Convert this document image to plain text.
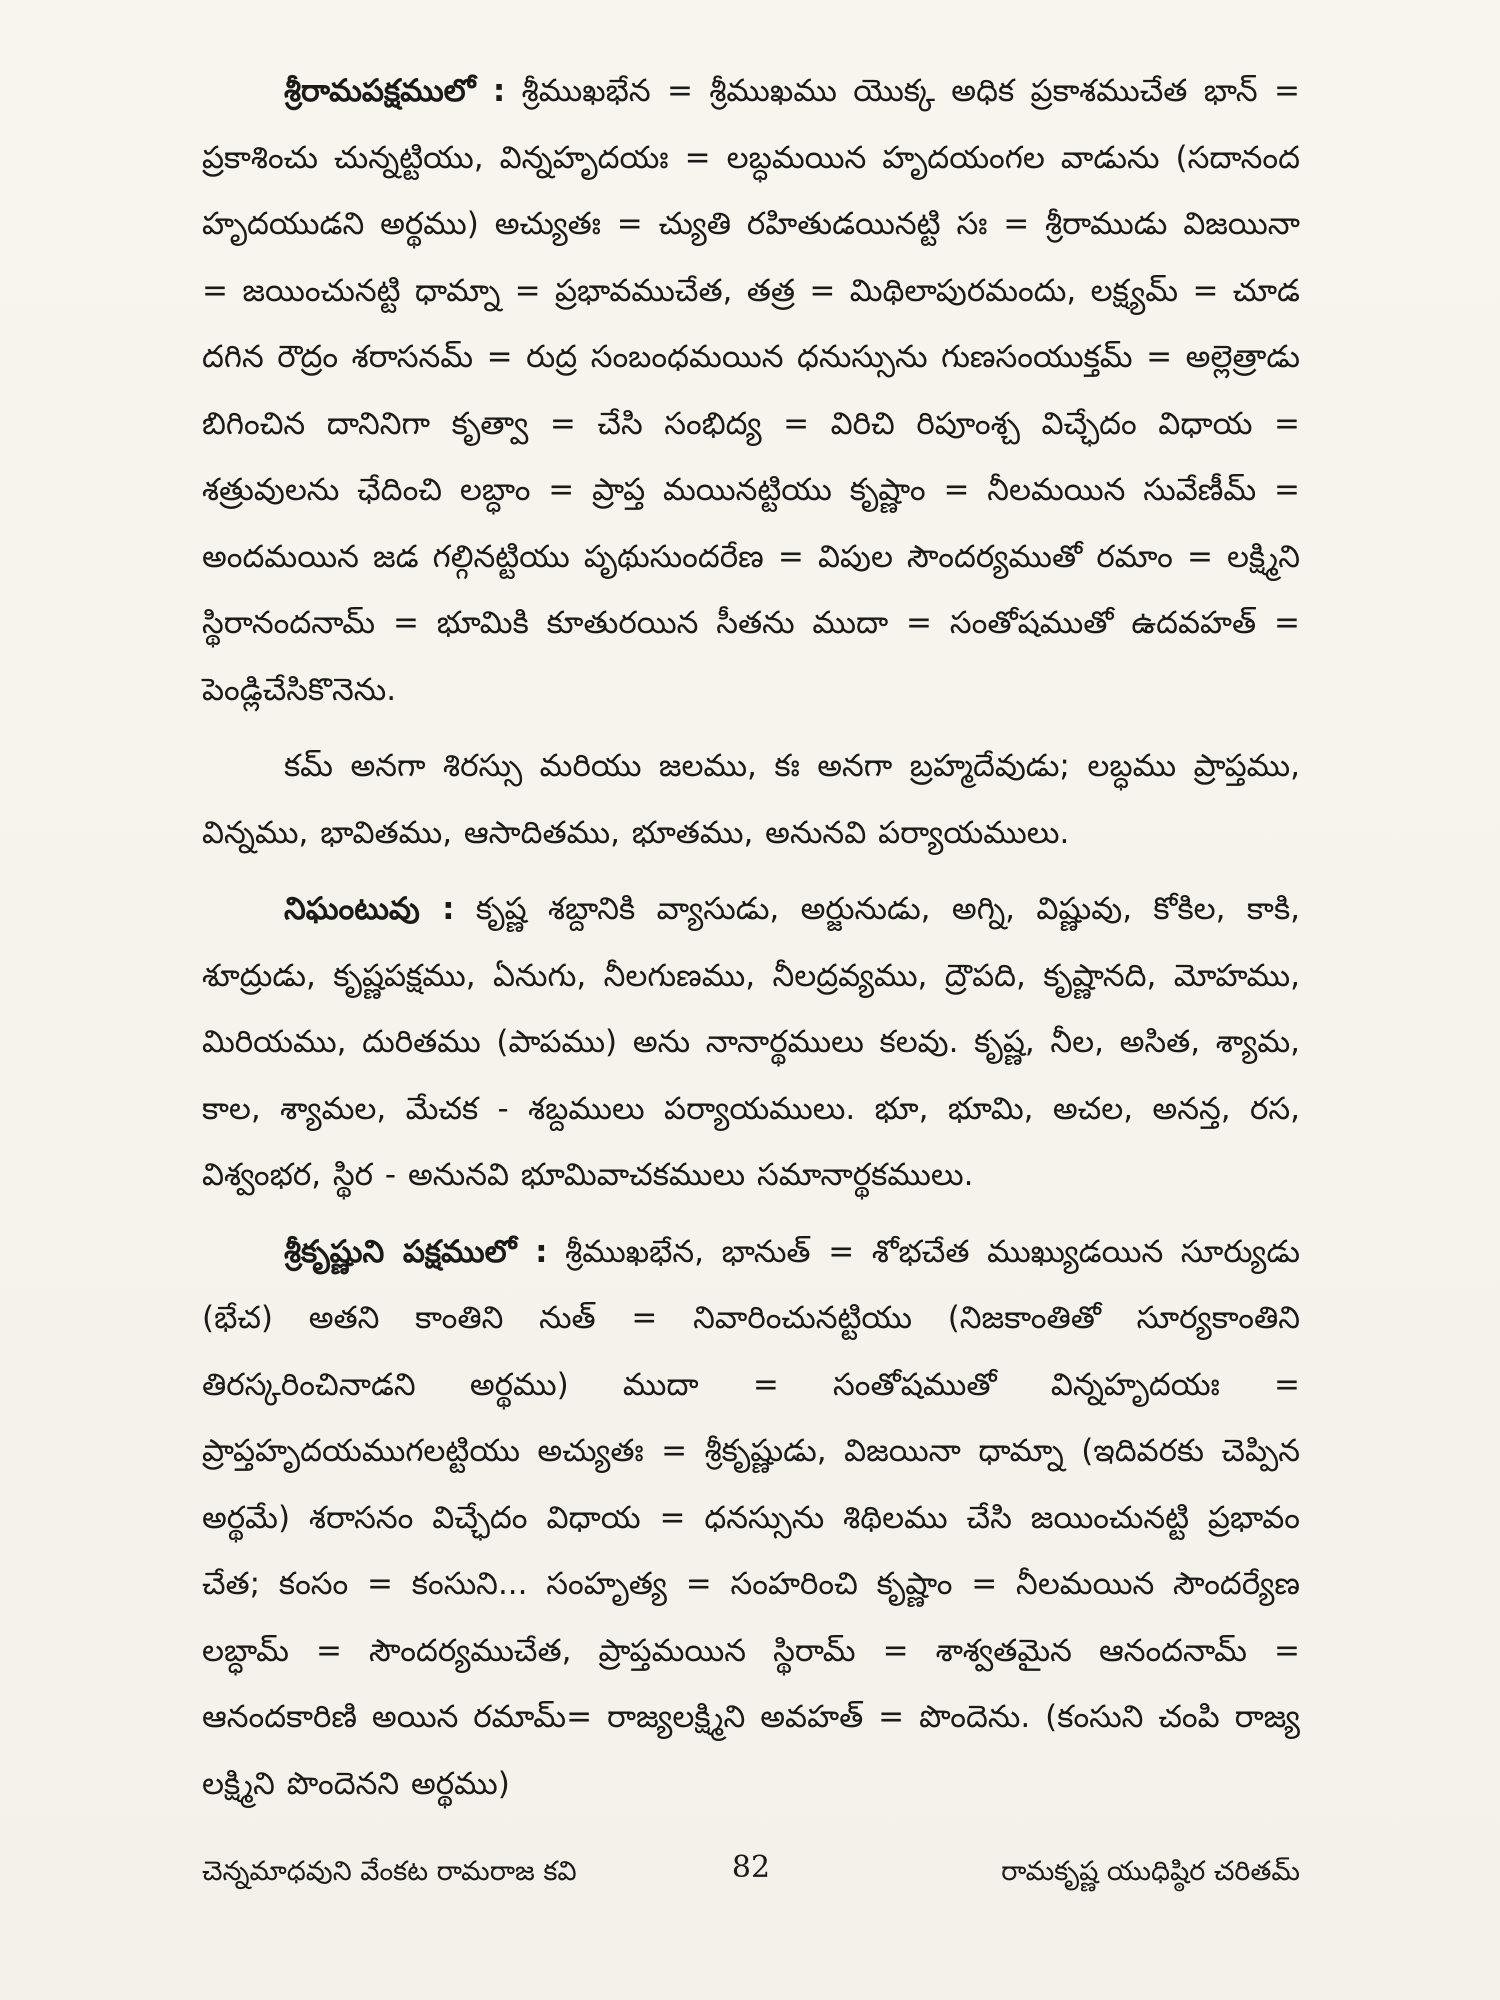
శ్రీరామపక్షములో : శ్రీముఖభేన = శ్రీముఖము యొక్క అధిక ప్రకాశముచేత భాన్ = ప్రకాశించు చున్నట్టియు, విన్నహృదయః = లబ్ధమయిన హృదయంగల వాడును (సదానంద హృదయుడని అర్థము) అచ్యుతః = చ్యుతి రహితుడయినట్టి సః = శ్రీరాముడు విజయినా = జయించునట్టి ధామ్నా = ప్రభావముచేత, తత్ర = మిథిలాపురమందు, లక్ష్యమ్ = చూడ దగిన రౌద్రం శరాసనమ్ = రుద్ర సంబంధమయిన ధనుస్సును గుణసంయుక్తమ్ = అల్లెత్రాడు బిగించిన దానినిగా కృత్వా = చేసి సంభిద్య = విరిచి రిపూంశ్చ విచ్ఛేదం విధాయ = శత్రువులను ఛేదించి లబ్ధాం = ప్రాప్త మయినట్టియు కృష్ణాం = నీలమయిన సువేణీమ్ = అందమయిన జడ గల్గినట్టియు పృథుసుందరేణ = విపుల సౌందర్యముతో రమాం = లక్ష్మిని స్థిరానందనామ్ = భూమికి కూతురయిన సీతను ముదా = సంతోషముతో ఉదవహత్ = పెండ్లిచేసికొనెను.

కమ్ అనగా శిరస్సు మరియు జలము, కః అనగా బ్రహ్మదేవుడు; లబ్ధము ప్రాప్తము, విన్నము, భావితము, ఆసాదితము, భూతము, అనునవి పర్యాయములు.

నిఘంటువు : కృష్ణ శబ్దానికి వ్యాసుడు, అర్జునుడు, అగ్ని, విష్ణువు, కోకిల, కాకి, శూద్రుడు, కృష్ణపక్షము, ఏనుగు, నీలగుణము, నీలద్రవ్యము, ద్రౌపది, కృష్ణానది, మోహము, మిరియము, దురితము (పాపము) అను నానార్థములు కలవు. కృష్ణ, నీల, అసిత, శ్యామ, కాల, శ్యామల, మేచక - శబ్దములు పర్యాయములు. భూ, భూమి, అచల, అనన్త, రస, విశ్వంభర, స్థిర - అనునవి భూమివాచకములు సమానార్థకములు.

శ్రీకృష్ణుని పక్షములో : శ్రీముఖభేన, భానుత్ = శోభచేత ముఖ్యుడయిన సూర్యుడు (భేచ) అతని కాంతిని నుత్ = నివారించునట్టియు (నిజకాంతితో సూర్యకాంతిని తిరస్కరించినాడని అర్థము) ముదా = సంతోషముతో విన్నహృదయః = ప్రాప్తహృదయముగలట్టియు అచ్యుతః = శ్రీకృష్ణుడు, విజయినా ధామ్నా (ఇదివరకు చెప్పిన అర్థమే) శరాసనం విచ్ఛేదం విధాయ = ధనస్సును శిథిలము చేసి జయించునట్టి ప్రభావం చేత; కంసం = కంసుని... సంహృత్య = సంహరించి కృష్ణాం = నీలమయిన సౌందర్యేణ లబ్ధామ్ = సౌందర్యముచేత, ప్రాప్తమయిన స్థిరామ్ = శాశ్వతమైన ఆనందనామ్ = ఆనందకారిణి అయిన రమామ్= రాజ్యలక్ష్మిని అవహత్ = పొందెను. (కంసుని చంపి రాజ్య లక్ష్మిని పొందెనని అర్థము)

చెన్నమాధవుని వేంకట రామరాజ కవి	82	రామకృష్ణ యుధిష్ఠిర చరితమ్
